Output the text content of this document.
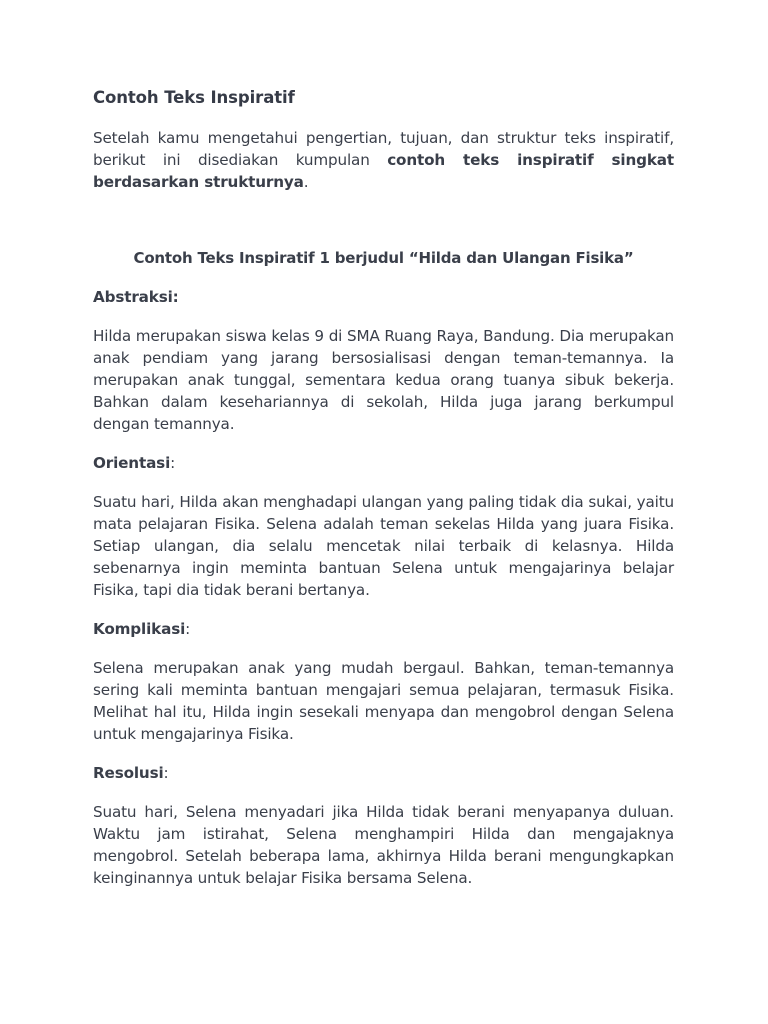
Contoh Teks Inspiratif

Setelah kamu mengetahui pengertian, tujuan, dan struktur teks inspiratif, berikut ini disediakan kumpulan contoh teks inspiratif singkat berdasarkan strukturnya.

Contoh Teks Inspiratif 1 berjudul “Hilda dan Ulangan Fisika”

Abstraksi:

Hilda merupakan siswa kelas 9 di SMA Ruang Raya, Bandung. Dia merupakan anak pendiam yang jarang bersosialisasi dengan teman-temannya. Ia merupakan anak tunggal, sementara kedua orang tuanya sibuk bekerja. Bahkan dalam kesehariannya di sekolah, Hilda juga jarang berkumpul dengan temannya.

Orientasi:

Suatu hari, Hilda akan menghadapi ulangan yang paling tidak dia sukai, yaitu mata pelajaran Fisika. Selena adalah teman sekelas Hilda yang juara Fisika. Setiap ulangan, dia selalu mencetak nilai terbaik di kelasnya. Hilda sebenarnya ingin meminta bantuan Selena untuk mengajarinya belajar Fisika, tapi dia tidak berani bertanya.

Komplikasi:

Selena merupakan anak yang mudah bergaul. Bahkan, teman-temannya sering kali meminta bantuan mengajari semua pelajaran, termasuk Fisika. Melihat hal itu, Hilda ingin sesekali menyapa dan mengobrol dengan Selena untuk mengajarinya Fisika.

Resolusi:

Suatu hari, Selena menyadari jika Hilda tidak berani menyapanya duluan. Waktu jam istirahat, Selena menghampiri Hilda dan mengajaknya mengobrol. Setelah beberapa lama, akhirnya Hilda berani mengungkapkan keinginannya untuk belajar Fisika bersama Selena.
